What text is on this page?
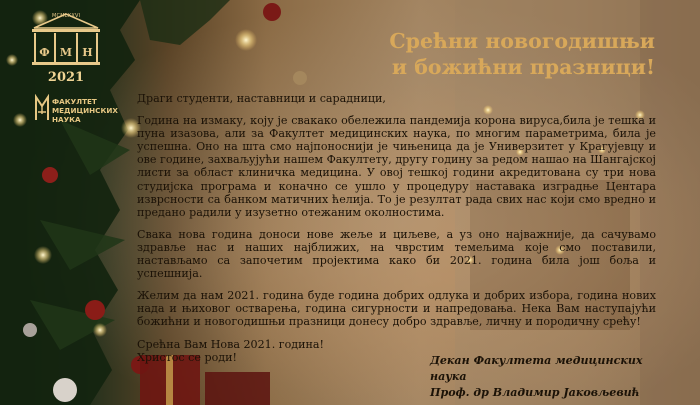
MCMLXXVI
Ф М Н
2021
ФАКУЛТЕТ
МЕДИЦИНСКИХ
НАУКА
Срећни новогодишњи
и божићни празници!

Драги студенти, наставници и сарадници,

Година на измаку, коју је свакако обележила пандемија корона вируса,била је тешка и пуна изазова, али за Факултет медицинских наука, по многим параметрима, била је успешна. Оно на шта смо најпоноснији је чињеница да је Универзитет у Крагујевцу и ове године, захваљујући нашем Факултету, другу годину за редом нашао на Шангајској листи за област клиничка медицина. У овој тешкој години акредитована су три нова студијска програма и коначно се ушло у процедуру наставака изградње Центара изврсности са банком матичних ћелија. То је резултат рада свих нас који смо вредно и предано радили у изузетно отежаним околностима.

Свака нова година доноси нове жеље и циљеве, а уз оно најважније, да сачувамо здравље нас и наших најближих, на чврстим темељима које смо поставили, настављамо са започетим пројектима како би 2021. година била још боља и успешнија.

Желим да нам 2021. година буде година добрих одлука и добрих избора, година нових нада и њиховог остварења, година сигурности и напредовања. Нека Вам наступајући божићни и новогодишњи празници донесу добро здравље, личну и породичну срећу!

Срећна Вам Нова 2021. година!

Христос се роди!	Декан Факултета медицинских наука
Проф. др Владимир Јаковљевић
